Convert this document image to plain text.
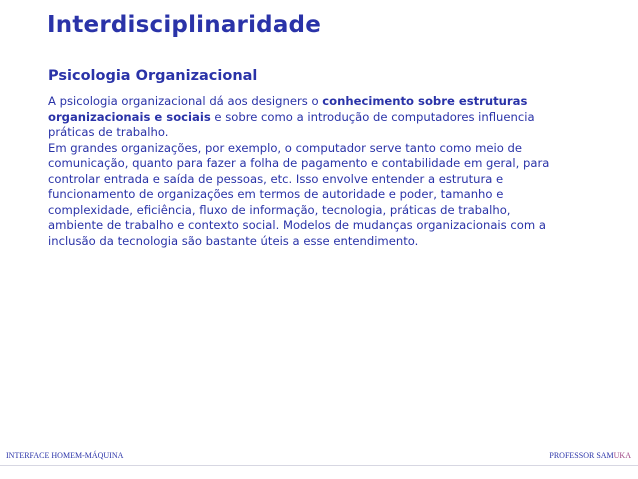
Interdisciplinaridade
Psicologia Organizacional
A psicologia organizacional dá aos designers o conhecimento sobre estruturas
organizacionais e sociais e sobre como a introdução de computadores influencia
práticas de trabalho.
Em grandes organizações, por exemplo, o computador serve tanto como meio de
comunicação, quanto para fazer a folha de pagamento e contabilidade em geral, para
controlar entrada e saída de pessoas, etc. Isso envolve entender a estrutura e
funcionamento de organizações em termos de autoridade e poder, tamanho e
complexidade, eficiência, fluxo de informação, tecnologia, práticas de trabalho,
ambiente de trabalho e contexto social. Modelos de mudanças organizacionais com a
inclusão da tecnologia são bastante úteis a esse entendimento.
INTERFACE HOMEM-MÁQUINA	PROFESSOR SAMUKA
